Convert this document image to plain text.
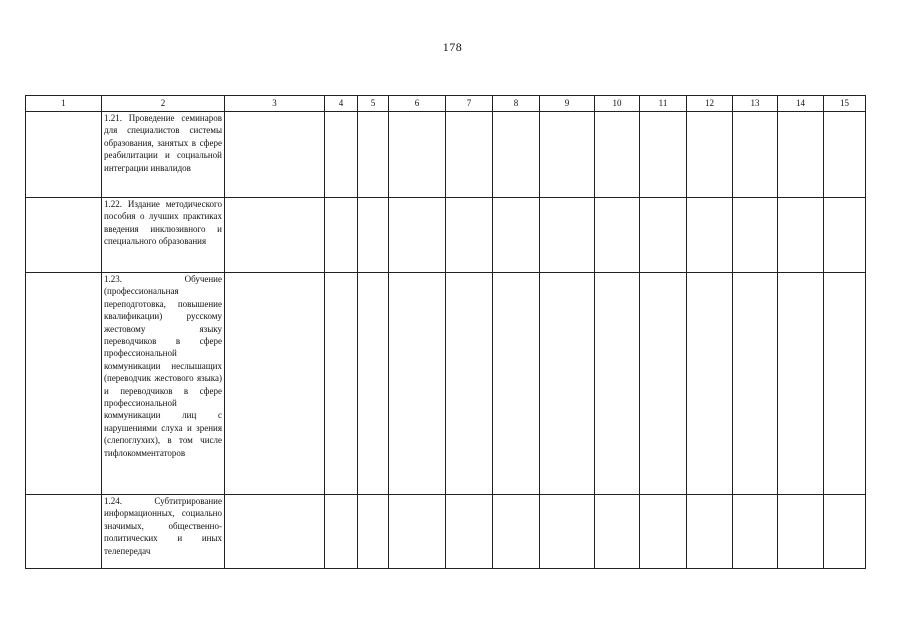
178
1	2	3	4	5	6	7	8	9	10	11	12	13	14	15
	1.21. Проведение семинаров для специалистов системы образования, занятых в сфере реабилитации и социальной интеграции инвалидов													
	1.22. Издание методического пособия о лучших практиках введения инклюзивного и специального образования													
	1.23. Обучение (профессиональная переподготовка, повышение квалификации) русскому жестовому языку переводчиков в сфере профессиональной коммуникации неслышащих (переводчик жестового языка) и переводчиков в сфере профессиональной коммуникации лиц с нарушениями слуха и зрения (слепоглухих), в том числе тифлокомментаторов													
	1.24. Субтитрирование информационных, социально значимых, общественно-политических и иных телепередач													
